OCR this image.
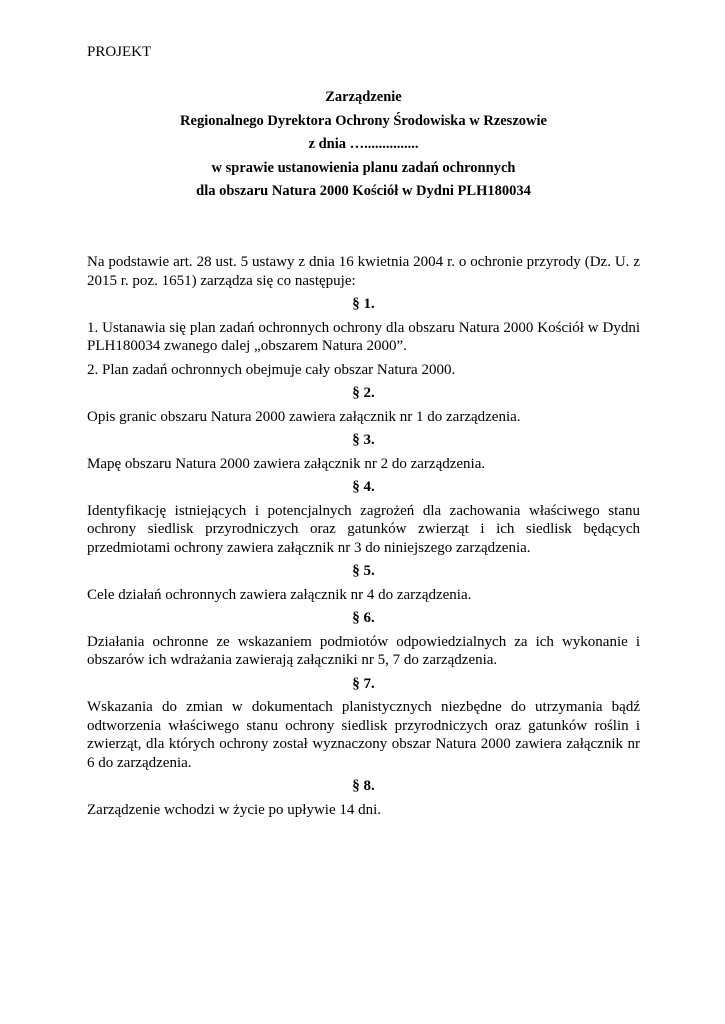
PROJEKT
Zarządzenie
Regionalnego Dyrektora Ochrony Środowiska w Rzeszowie
z dnia …...............
w sprawie ustanowienia planu zadań ochronnych
dla obszaru Natura 2000 Kościół w Dydni PLH180034
Na podstawie art. 28 ust. 5 ustawy z dnia 16 kwietnia 2004 r. o ochronie przyrody (Dz. U. z 2015 r. poz. 1651) zarządza się co następuje:
§ 1.
1. Ustanawia się plan zadań ochronnych ochrony dla obszaru Natura 2000 Kościół w Dydni PLH180034 zwanego dalej „obszarem Natura 2000”.
2. Plan zadań ochronnych obejmuje cały obszar Natura 2000.
§ 2.
Opis granic obszaru Natura 2000 zawiera załącznik nr 1 do zarządzenia.
§ 3.
Mapę obszaru Natura 2000 zawiera załącznik nr 2 do zarządzenia.
§ 4.
Identyfikację istniejących i potencjalnych zagrożeń dla zachowania właściwego stanu ochrony siedlisk przyrodniczych oraz gatunków zwierząt i ich siedlisk będących przedmiotami ochrony zawiera załącznik nr 3 do niniejszego zarządzenia.
§ 5.
Cele działań ochronnych zawiera załącznik nr 4 do zarządzenia.
§ 6.
Działania ochronne ze wskazaniem podmiotów odpowiedzialnych za ich wykonanie i obszarów ich wdrażania zawierają załączniki nr 5, 7 do zarządzenia.
§ 7.
Wskazania do zmian w dokumentach planistycznych niezbędne do utrzymania bądź odtworzenia właściwego stanu ochrony siedlisk przyrodniczych oraz gatunków roślin i zwierząt, dla których ochrony został wyznaczony obszar Natura 2000 zawiera załącznik nr 6 do zarządzenia.
§ 8.
Zarządzenie wchodzi w życie po upływie 14 dni.
